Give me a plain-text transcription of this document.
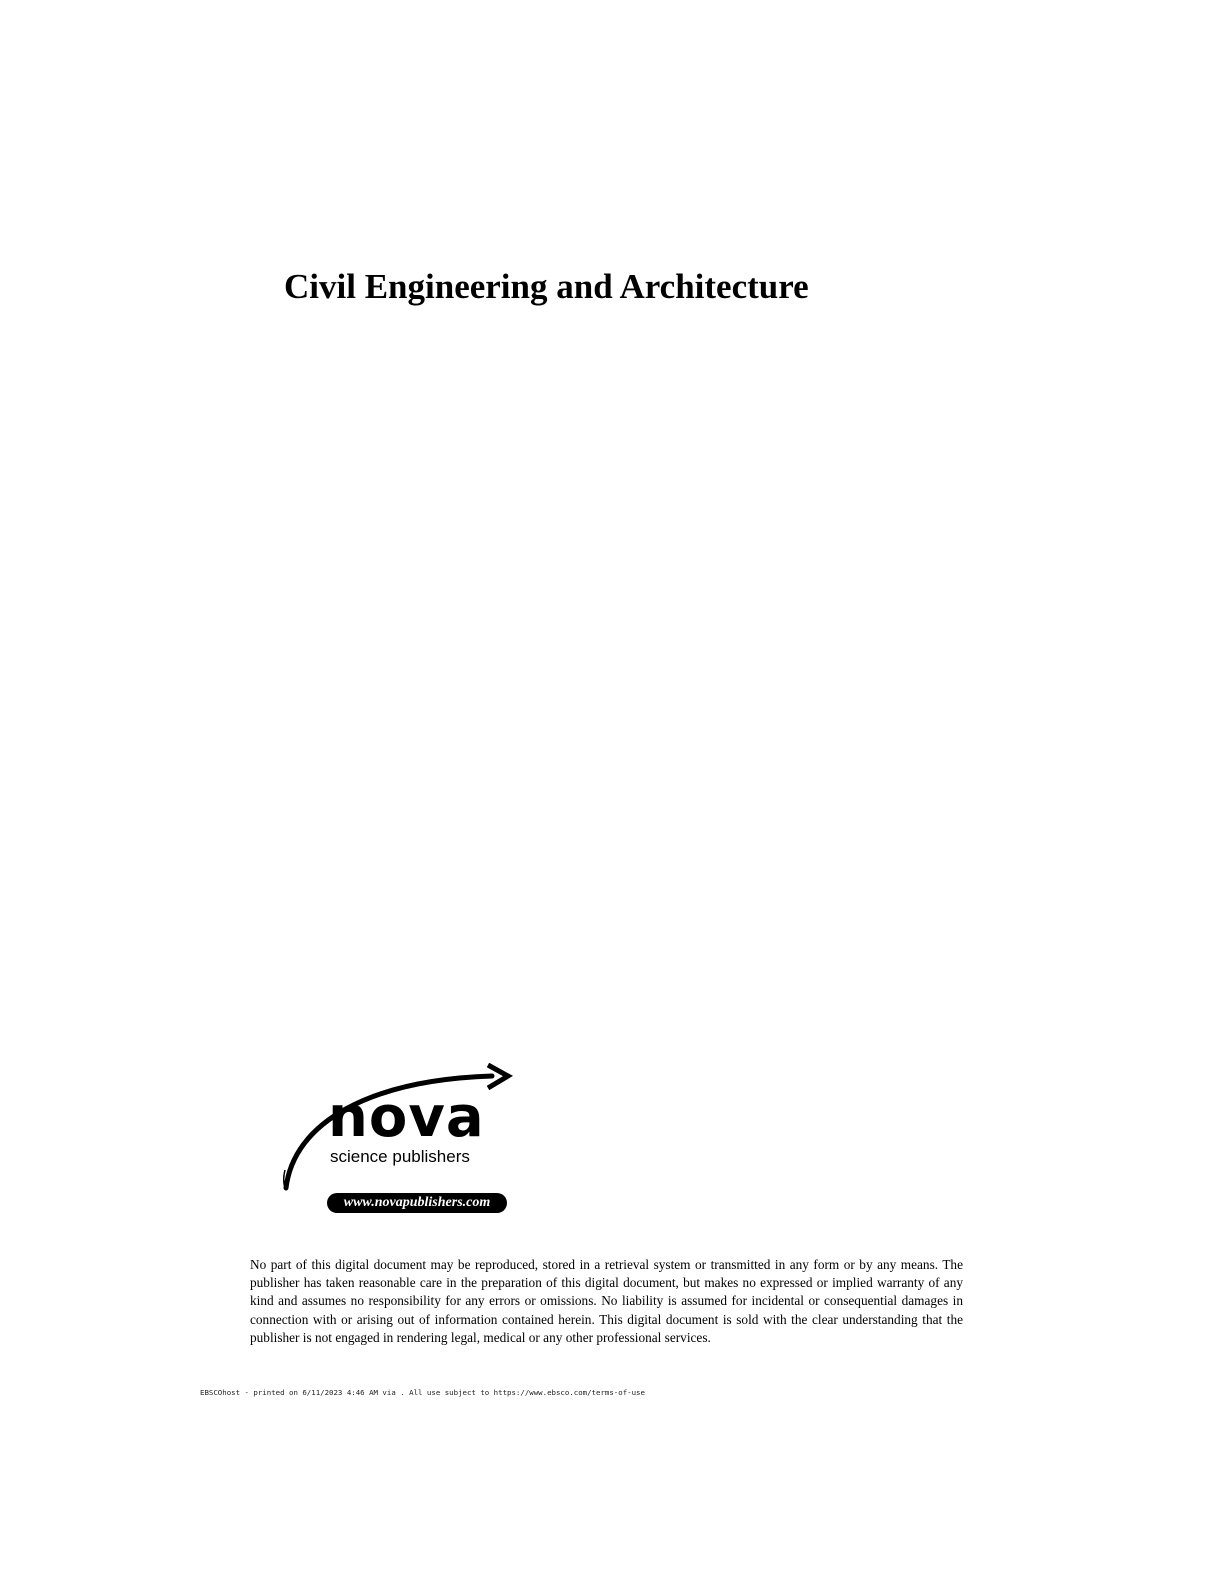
Civil Engineering and Architecture
nova
science publishers
www.novapublishers.com

No part of this digital document may be reproduced, stored in a retrieval system or transmitted in any form or by any means. The publisher has taken reasonable care in the preparation of this digital document, but makes no expressed or implied warranty of any kind and assumes no responsibility for any errors or omissions. No liability is assumed for incidental or consequential damages in connection with or arising out of information contained herein. This digital document is sold with the clear understanding that the publisher is not engaged in rendering legal, medical or any other professional services.

EBSCOhost - printed on 6/11/2023 4:46 AM via . All use subject to https://www.ebsco.com/terms-of-use
